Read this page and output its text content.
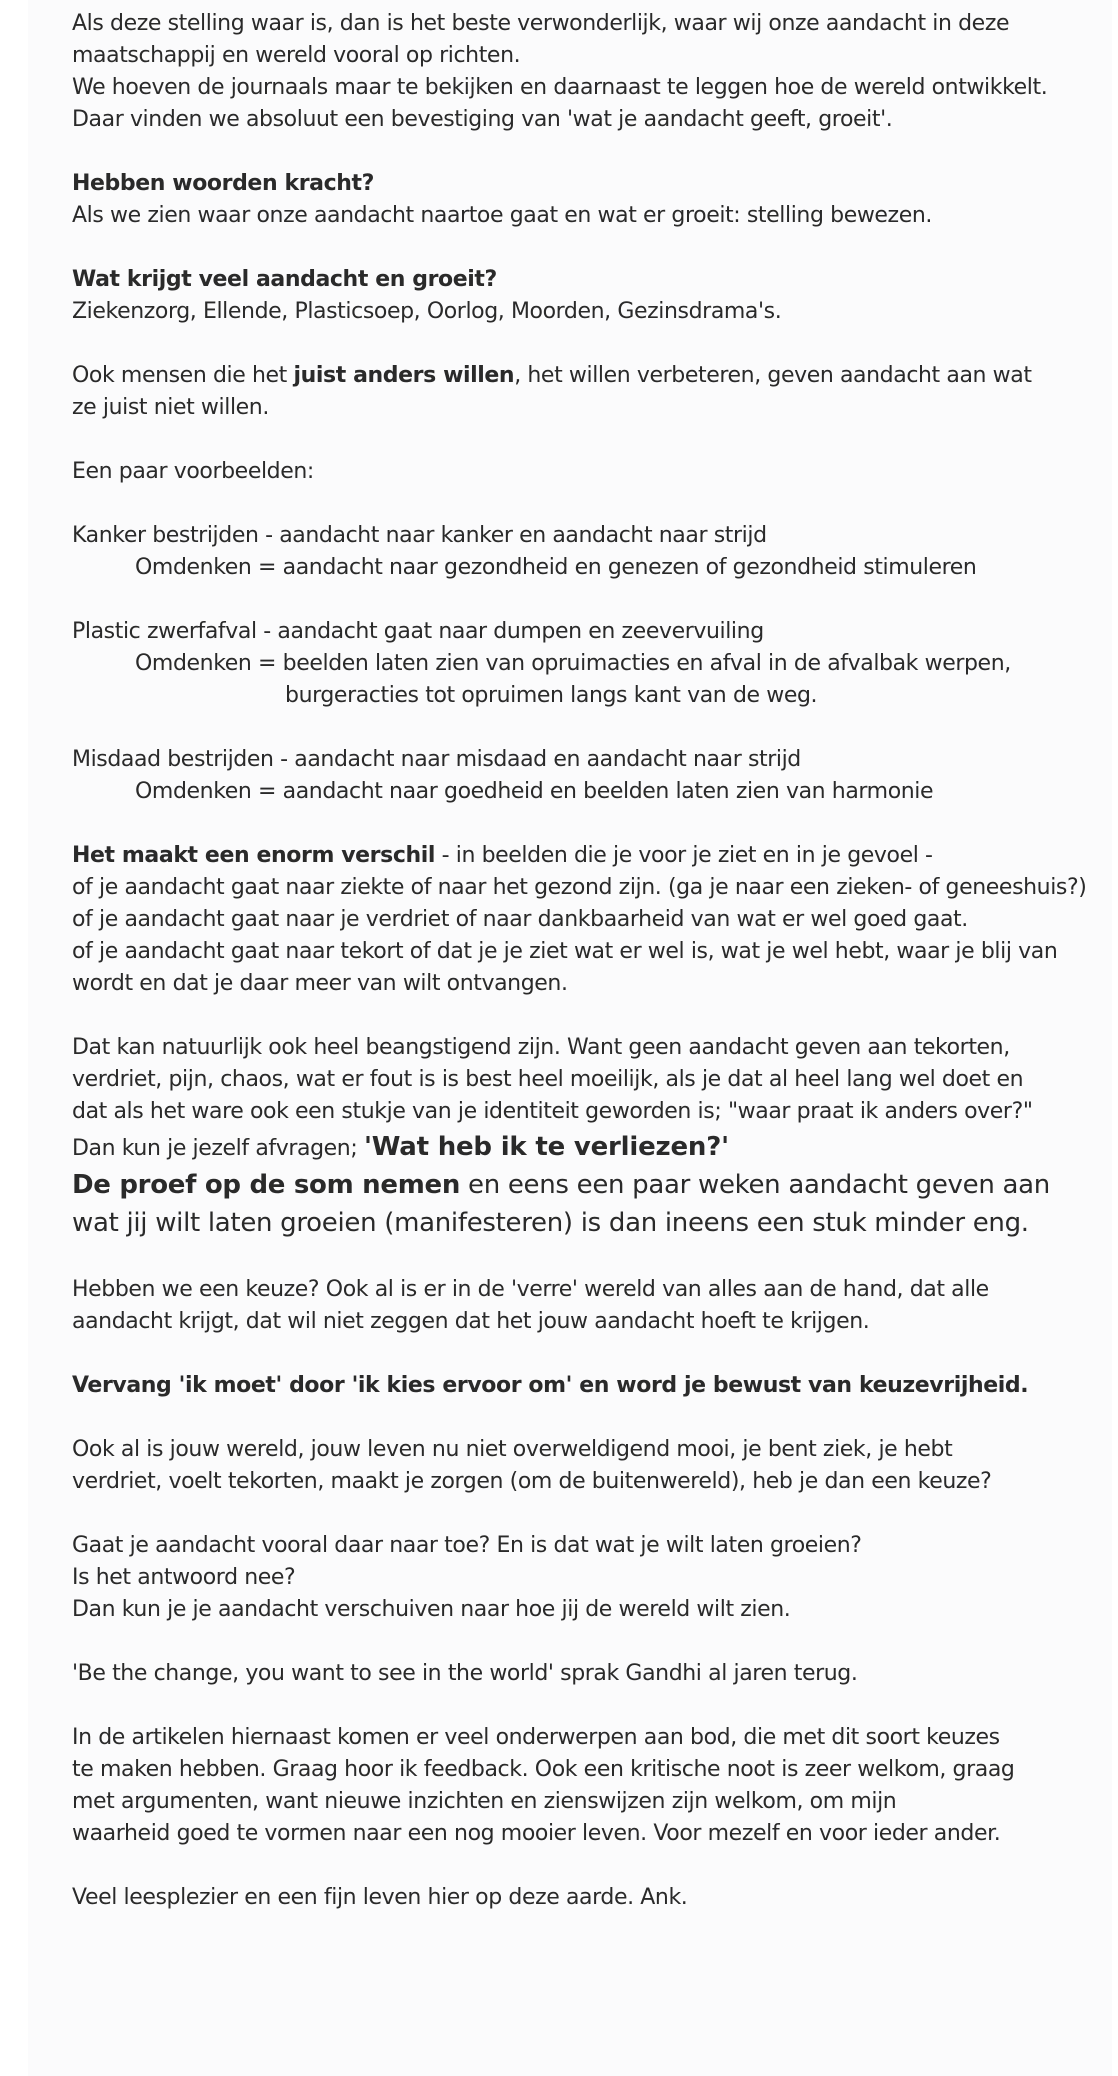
Als deze stelling waar is, dan is het beste verwonderlijk, waar wij onze aandacht in deze
maatschappij en wereld vooral op richten.
We hoeven de journaals maar te bekijken en daarnaast te leggen hoe de wereld ontwikkelt.
Daar vinden we absoluut een bevestiging van 'wat je aandacht geeft, groeit'.

Hebben woorden kracht?
Als we zien waar onze aandacht naartoe gaat en wat er groeit: stelling bewezen.

Wat krijgt veel aandacht en groeit?
Ziekenzorg, Ellende, Plasticsoep, Oorlog, Moorden, Gezinsdrama's.

Ook mensen die het juist anders willen, het willen verbeteren, geven aandacht aan wat
ze juist niet willen.

Een paar voorbeelden:

Kanker bestrijden - aandacht naar kanker en aandacht naar strijd
Omdenken = aandacht naar gezondheid en genezen of gezondheid stimuleren

Plastic zwerfafval - aandacht gaat naar dumpen en zeevervuiling
Omdenken = beelden laten zien van opruimacties en afval in de afvalbak werpen,
burgeracties tot opruimen langs kant van de weg.

Misdaad bestrijden - aandacht naar misdaad en aandacht naar strijd
Omdenken = aandacht naar goedheid en beelden laten zien van harmonie

Het maakt een enorm verschil - in beelden die je voor je ziet en in je gevoel -
of je aandacht gaat naar ziekte of naar het gezond zijn. (ga je naar een zieken- of geneeshuis?)
of je aandacht gaat naar je verdriet of naar dankbaarheid van wat er wel goed gaat.
of je aandacht gaat naar tekort of dat je je ziet wat er wel is, wat je wel hebt, waar je blij van
wordt en dat je daar meer van wilt ontvangen.

Dat kan natuurlijk ook heel beangstigend zijn. Want geen aandacht geven aan tekorten,
verdriet, pijn, chaos, wat er fout is is best heel moeilijk, als je dat al heel lang wel doet en
dat als het ware ook een stukje van je identiteit geworden is; "waar praat ik anders over?"
Dan kun je jezelf afvragen; 'Wat heb ik te verliezen?'
De proef op de som nemen en eens een paar weken aandacht geven aan
wat jij wilt laten groeien (manifesteren) is dan ineens een stuk minder eng.

Hebben we een keuze? Ook al is er in de 'verre' wereld van alles aan de hand, dat alle
aandacht krijgt, dat wil niet zeggen dat het jouw aandacht hoeft te krijgen.

Vervang 'ik moet' door 'ik kies ervoor om' en word je bewust van keuzevrijheid.

Ook al is jouw wereld, jouw leven nu niet overweldigend mooi, je bent ziek, je hebt
verdriet, voelt tekorten, maakt je zorgen (om de buitenwereld), heb je dan een keuze?

Gaat je aandacht vooral daar naar toe? En is dat wat je wilt laten groeien?
Is het antwoord nee?
Dan kun je je aandacht verschuiven naar hoe jij de wereld wilt zien.

'Be the change, you want to see in the world' sprak Gandhi al jaren terug.

In de artikelen hiernaast komen er veel onderwerpen aan bod, die met dit soort keuzes
te maken hebben. Graag hoor ik feedback. Ook een kritische noot is zeer welkom, graag
met argumenten, want nieuwe inzichten en zienswijzen zijn welkom, om mijn
waarheid goed te vormen naar een nog mooier leven. Voor mezelf en voor ieder ander.

Veel leesplezier en een fijn leven hier op deze aarde. Ank.
